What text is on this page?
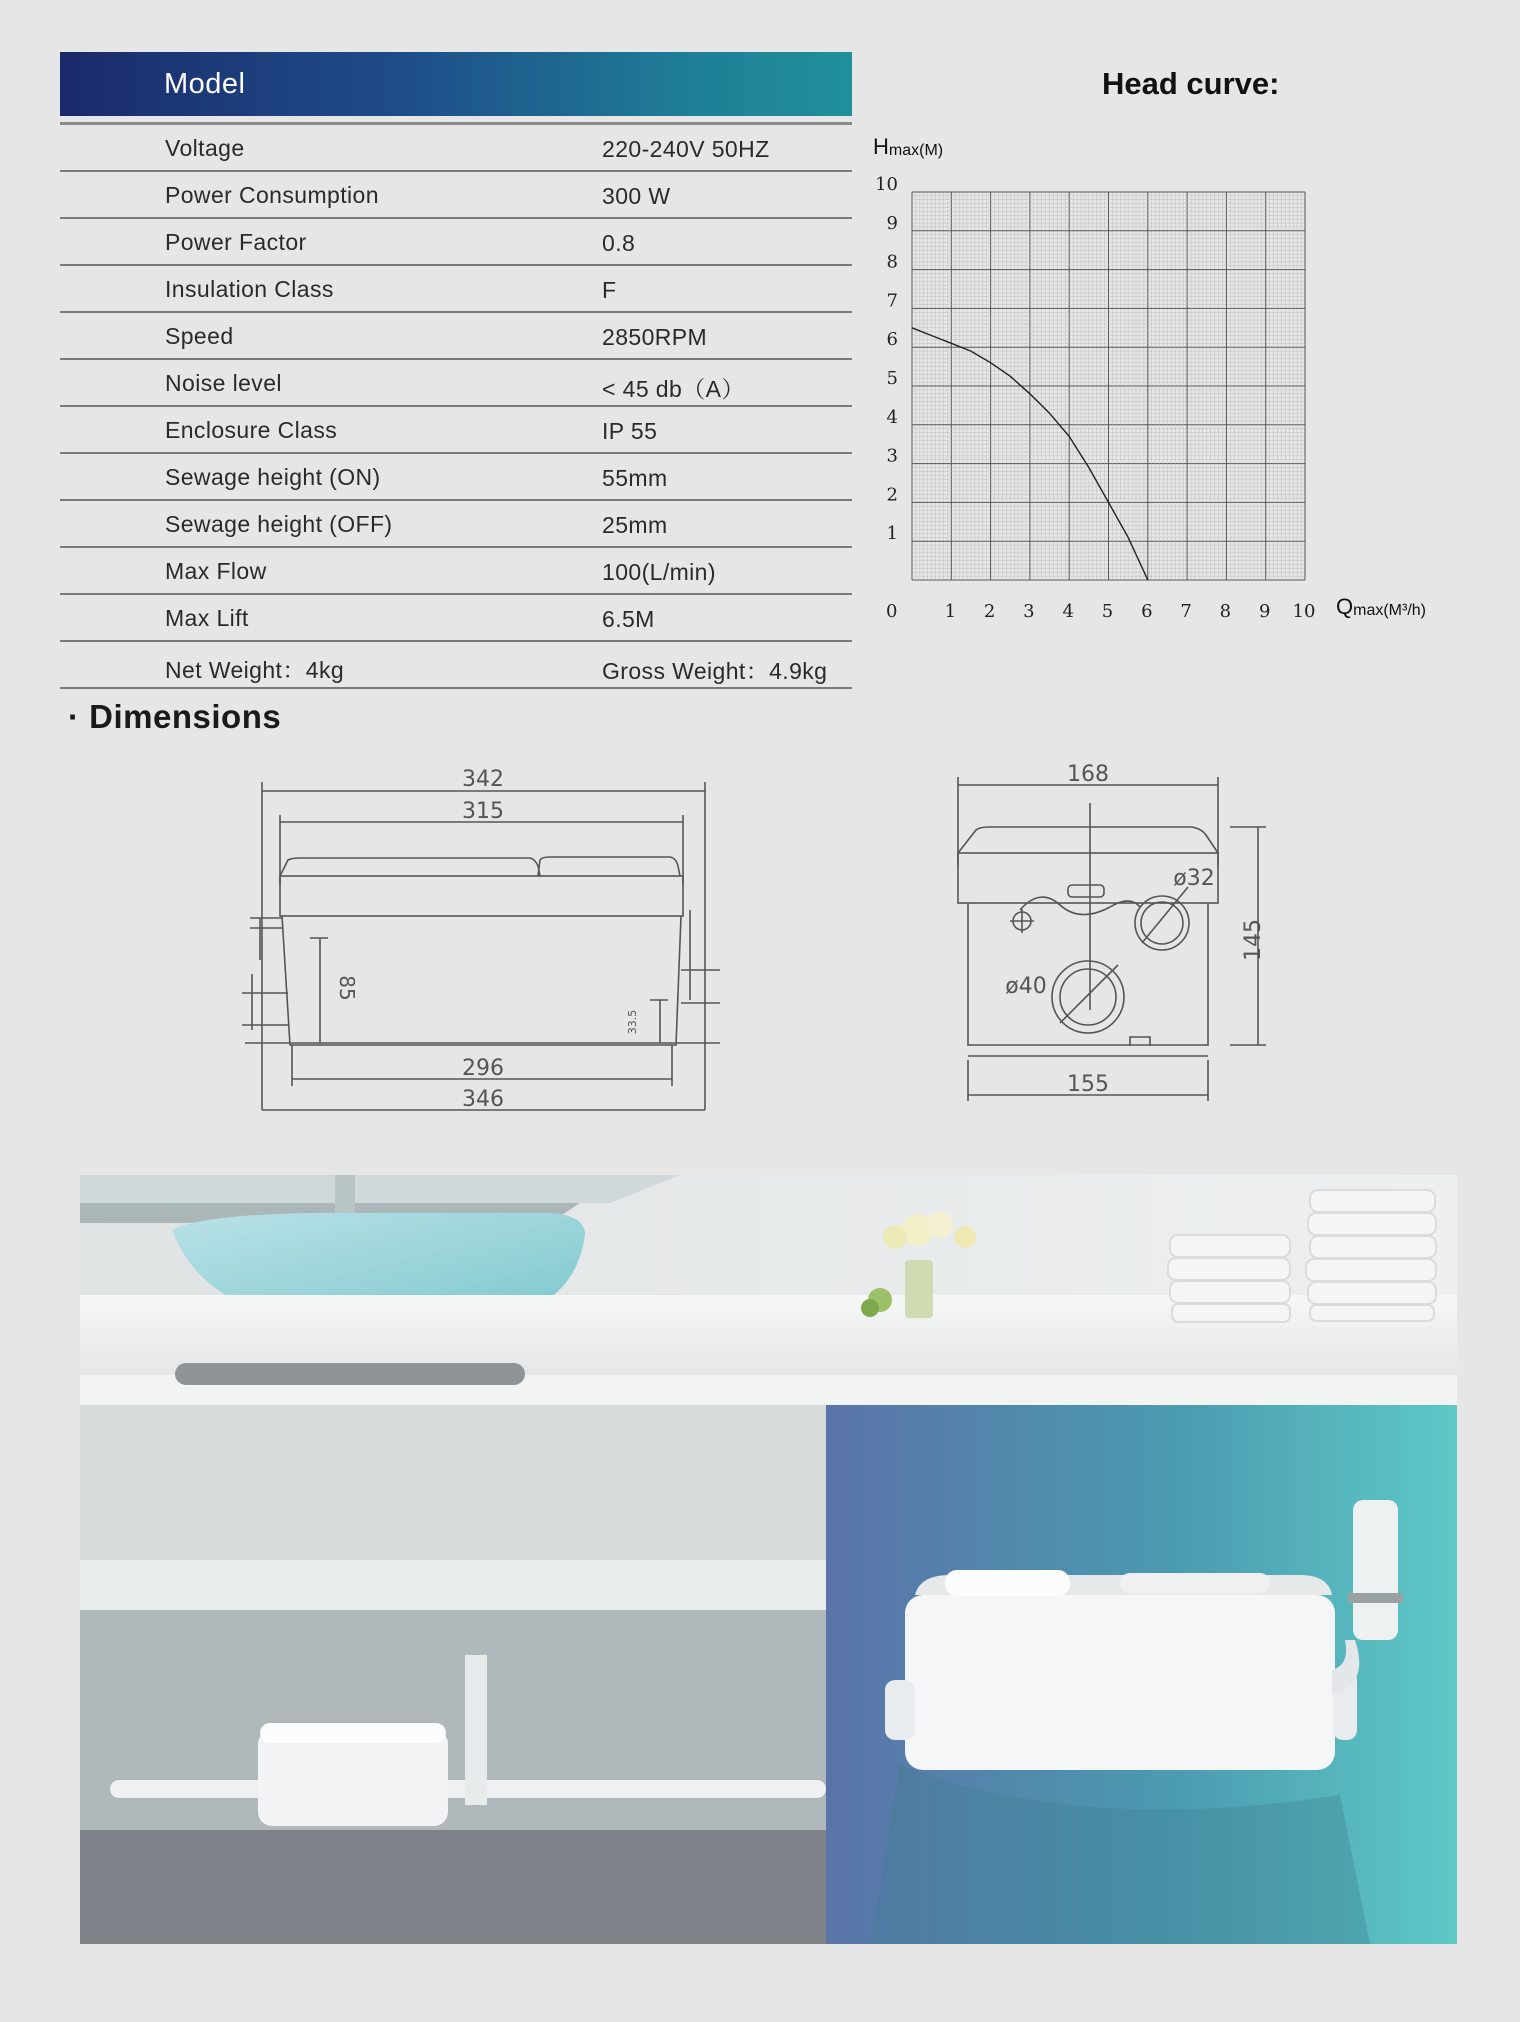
Model
Voltage	220-240V 50HZ
Power Consumption	300 W
Power Factor	0.8
Insulation Class	F
Speed	2850RPM
Noise level	< 45 db（A）
Enclosure Class	IP 55
Sewage height (ON)	55mm
Sewage height (OFF)	25mm
Max Flow	100(L/min)
Max Lift	6.5M
Net Weight：4kg	Gross Weight：4.9kg
Head curve:
Hmax(M)
1 2 3 4 5 6 7 8 9 10
1
2
3
4
5
6
7
8
9
10
0	Qmax(M³/h)
· Dimensions
342
315
85
33.5
296
346
168
ø32
145
ø40
155
